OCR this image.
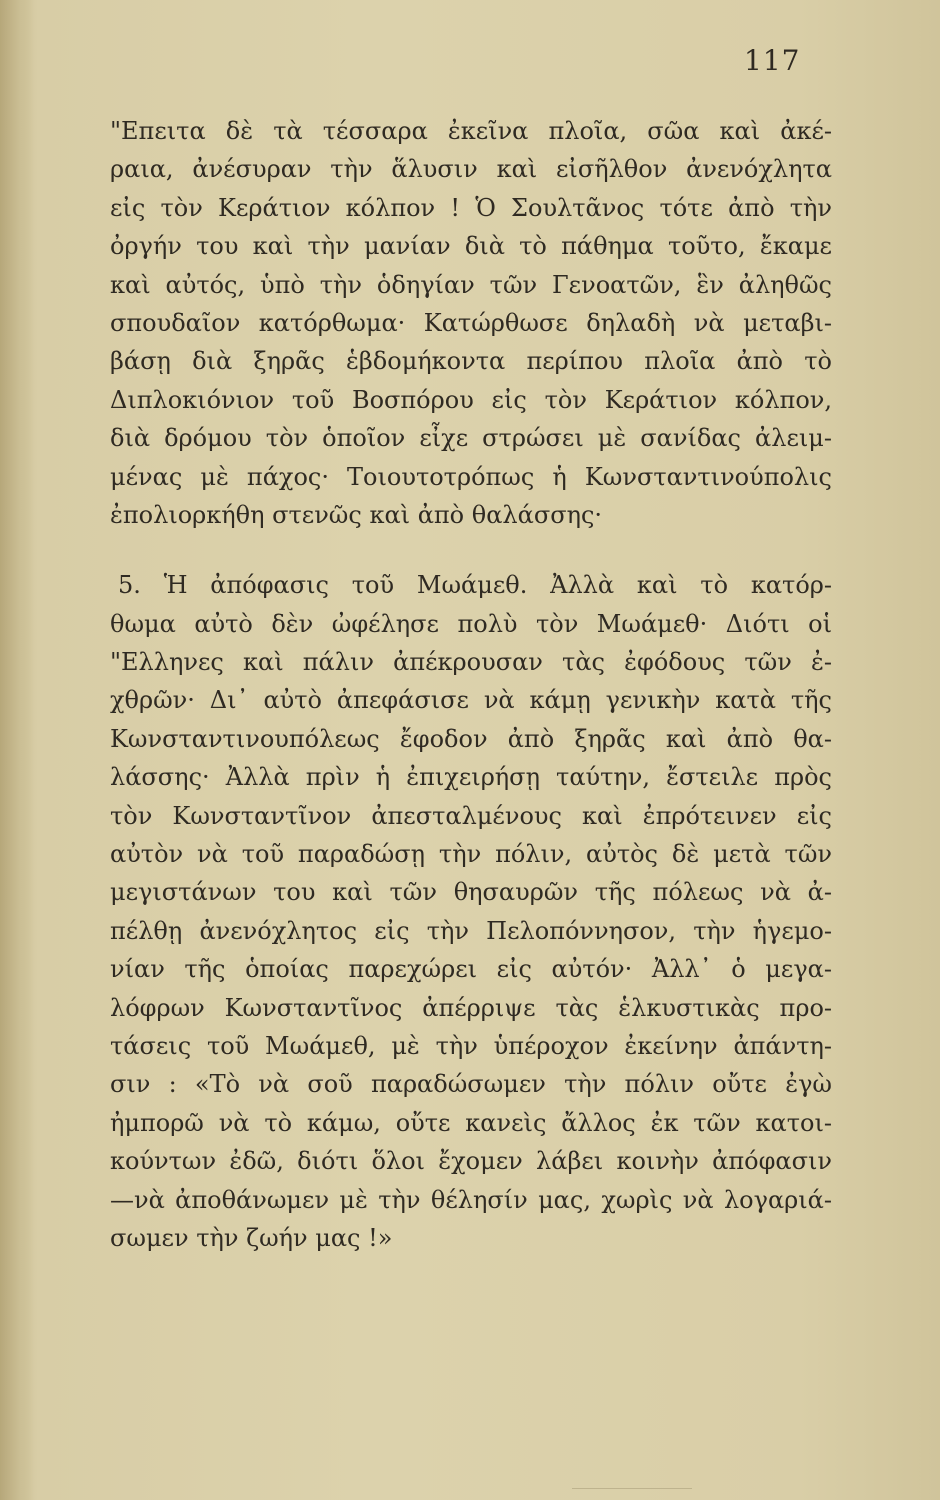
117
"Επειτα δὲ τὰ τέσσαρα ἐκεῖνα πλοῖα, σῶα καὶ ἀκέ-
ραια, ἀνέσυραν τὴν ἅλυσιν καὶ εἰσῆλθον ἀνενόχλητα
εἰς τὸν Κεράτιον κόλπον ! Ὁ Σουλτᾶνος τότε ἀπὸ τὴν
ὀργήν του καὶ τὴν μανίαν διὰ τὸ πάθημα τοῦτο, ἔκαμε
καὶ αὐτός, ὑπὸ τὴν ὁδηγίαν τῶν Γενοατῶν, ἓν ἀληθῶς
σπουδαῖον κατόρθωμα· Κατώρθωσε δηλαδὴ νὰ μεταβι-
βάσῃ διὰ ξηρᾶς ἑβδομήκοντα περίπου πλοῖα ἀπὸ τὸ
Διπλοκιόνιον τοῦ Βοσπόρου εἰς τὸν Κεράτιον κόλπον,
διὰ δρόμου τὸν ὁποῖον εἶχε στρώσει μὲ σανίδας ἀλειμ-
μένας μὲ πάχος· Τοιουτοτρόπως ἡ Κωνσταντινούπολις
ἐπολιορκήθη στενῶς καὶ ἀπὸ θαλάσσης·
5. Ἡ ἀπόφασις τοῦ Μωάμεθ. Ἀλλὰ καὶ τὸ κατόρ-
θωμα αὐτὸ δὲν ὠφέλησε πολὺ τὸν Μωάμεθ· Διότι οἱ
"Ελληνες καὶ πάλιν ἀπέκρουσαν τὰς ἐφόδους τῶν ἐ-
χθρῶν· Δι᾿ αὐτὸ ἀπεφάσισε νὰ κάμῃ γενικὴν κατὰ τῆς
Κωνσταντινουπόλεως ἔφοδον ἀπὸ ξηρᾶς καὶ ἀπὸ θα-
λάσσης· Ἀλλὰ πρὶν ἡ ἐπιχειρήσῃ ταύτην, ἔστειλε πρὸς
τὸν Κωνσταντῖνον ἀπεσταλμένους καὶ ἐπρότεινεν εἰς
αὐτὸν νὰ τοῦ παραδώσῃ τὴν πόλιν, αὐτὸς δὲ μετὰ τῶν
μεγιστάνων του καὶ τῶν θησαυρῶν τῆς πόλεως νὰ ἀ-
πέλθῃ ἀνενόχλητος εἰς τὴν Πελοπόννησον, τὴν ἡγεμο-
νίαν τῆς ὁποίας παρεχώρει εἰς αὐτόν· Ἀλλ᾿ ὁ μεγα-
λόφρων Κωνσταντῖνος ἀπέρριψε τὰς ἑλκυστικὰς προ-
τάσεις τοῦ Μωάμεθ, μὲ τὴν ὑπέροχον ἐκείνην ἀπάντη-
σιν : «Τὸ νὰ σοῦ παραδώσωμεν τὴν πόλιν οὔτε ἐγὼ
ἠμπορῶ νὰ τὸ κάμω, οὔτε κανεὶς ἄλλος ἐκ τῶν κατοι-
κούντων ἐδῶ, διότι ὅλοι ἔχομεν λάβει κοινὴν ἀπόφασιν
—νὰ ἀποθάνωμεν μὲ τὴν θέλησίν μας, χωρὶς νὰ λογαριά-
σωμεν τὴν ζωήν μας !»
